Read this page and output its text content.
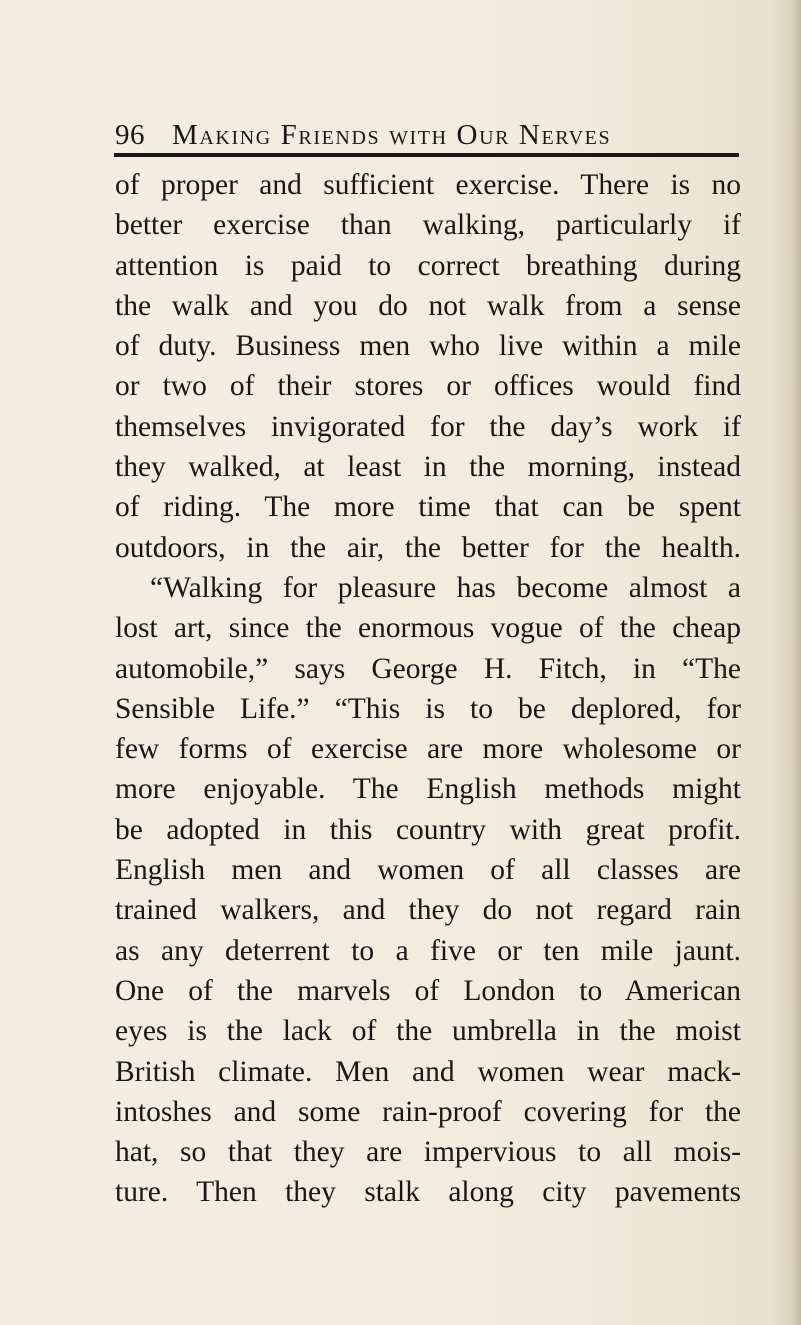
96 Making Friends with Our Nerves
of proper and sufficient exercise. There is no
better exercise than walking, particularly if
attention is paid to correct breathing during
the walk and you do not walk from a sense
of duty. Business men who live within a mile
or two of their stores or offices would find
themselves invigorated for the day’s work if
they walked, at least in the morning, instead
of riding. The more time that can be spent
outdoors, in the air, the better for the health.
“Walking for pleasure has become almost a
lost art, since the enormous vogue of the cheap
automobile,” says George H. Fitch, in “The
Sensible Life.” “This is to be deplored, for
few forms of exercise are more wholesome or
more enjoyable. The English methods might
be adopted in this country with great profit.
English men and women of all classes are
trained walkers, and they do not regard rain
as any deterrent to a five or ten mile jaunt.
One of the marvels of London to American
eyes is the lack of the umbrella in the moist
British climate. Men and women wear mack-
intoshes and some rain-proof covering for the
hat, so that they are impervious to all mois-
ture. Then they stalk along city pavements
